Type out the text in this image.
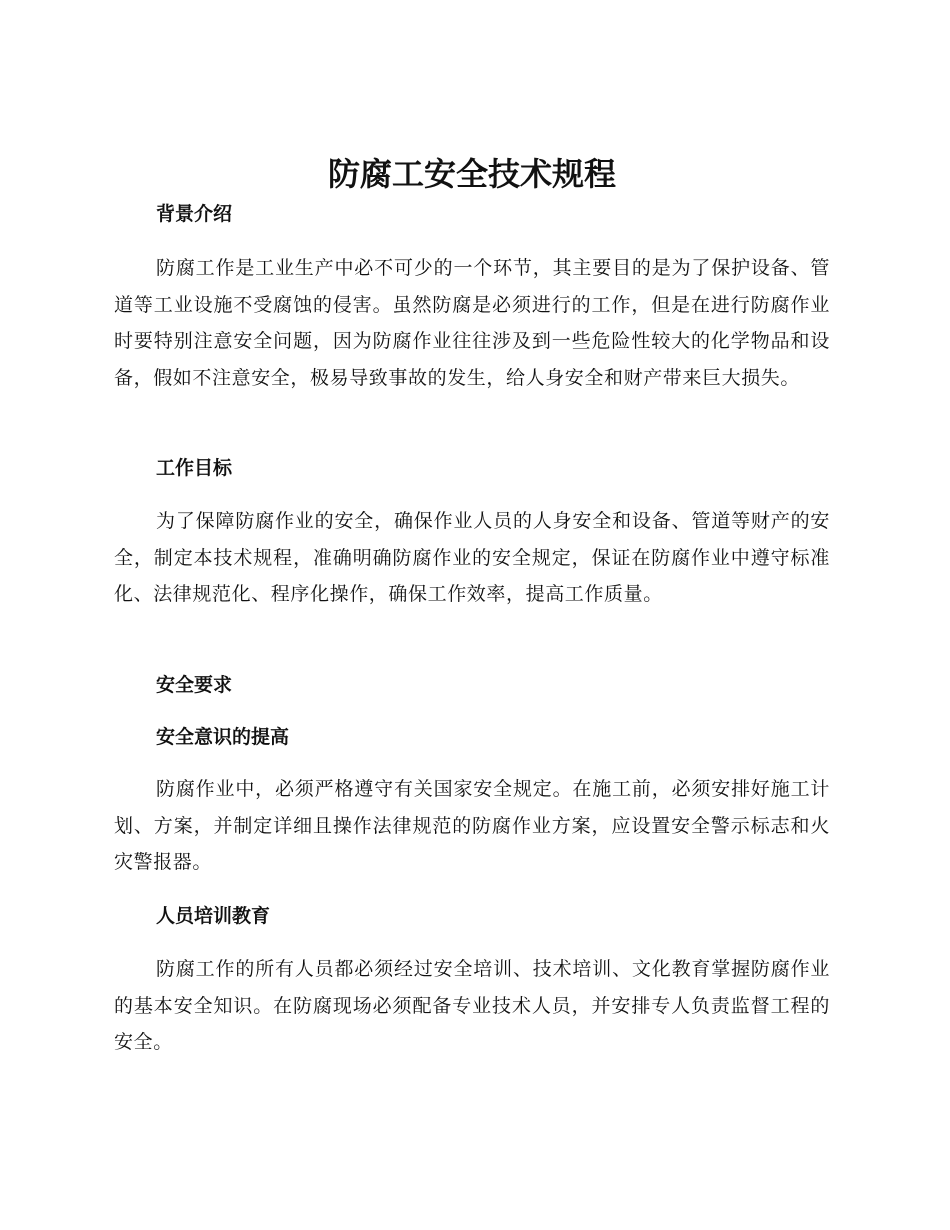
防腐工安全技术规程
背景介绍

防腐工作是工业生产中必不可少的一个环节，其主要目的是为了保护设备、管道等工业设施不受腐蚀的侵害。虽然防腐是必须进行的工作，但是在进行防腐作业时要特别注意安全问题，因为防腐作业往往涉及到一些危险性较大的化学物品和设备，假如不注意安全，极易导致事故的发生，给人身安全和财产带来巨大损失。

工作目标

为了保障防腐作业的安全，确保作业人员的人身安全和设备、管道等财产的安全，制定本技术规程，准确明确防腐作业的安全规定，保证在防腐作业中遵守标准化、法律规范化、程序化操作，确保工作效率，提高工作质量。

安全要求
安全意识的提高

防腐作业中，必须严格遵守有关国家安全规定。在施工前，必须安排好施工计划、方案，并制定详细且操作法律规范的防腐作业方案，应设置安全警示标志和火灾警报器。

人员培训教育

防腐工作的所有人员都必须经过安全培训、技术培训、文化教育掌握防腐作业的基本安全知识。在防腐现场必须配备专业技术人员，并安排专人负责监督工程的安全。
